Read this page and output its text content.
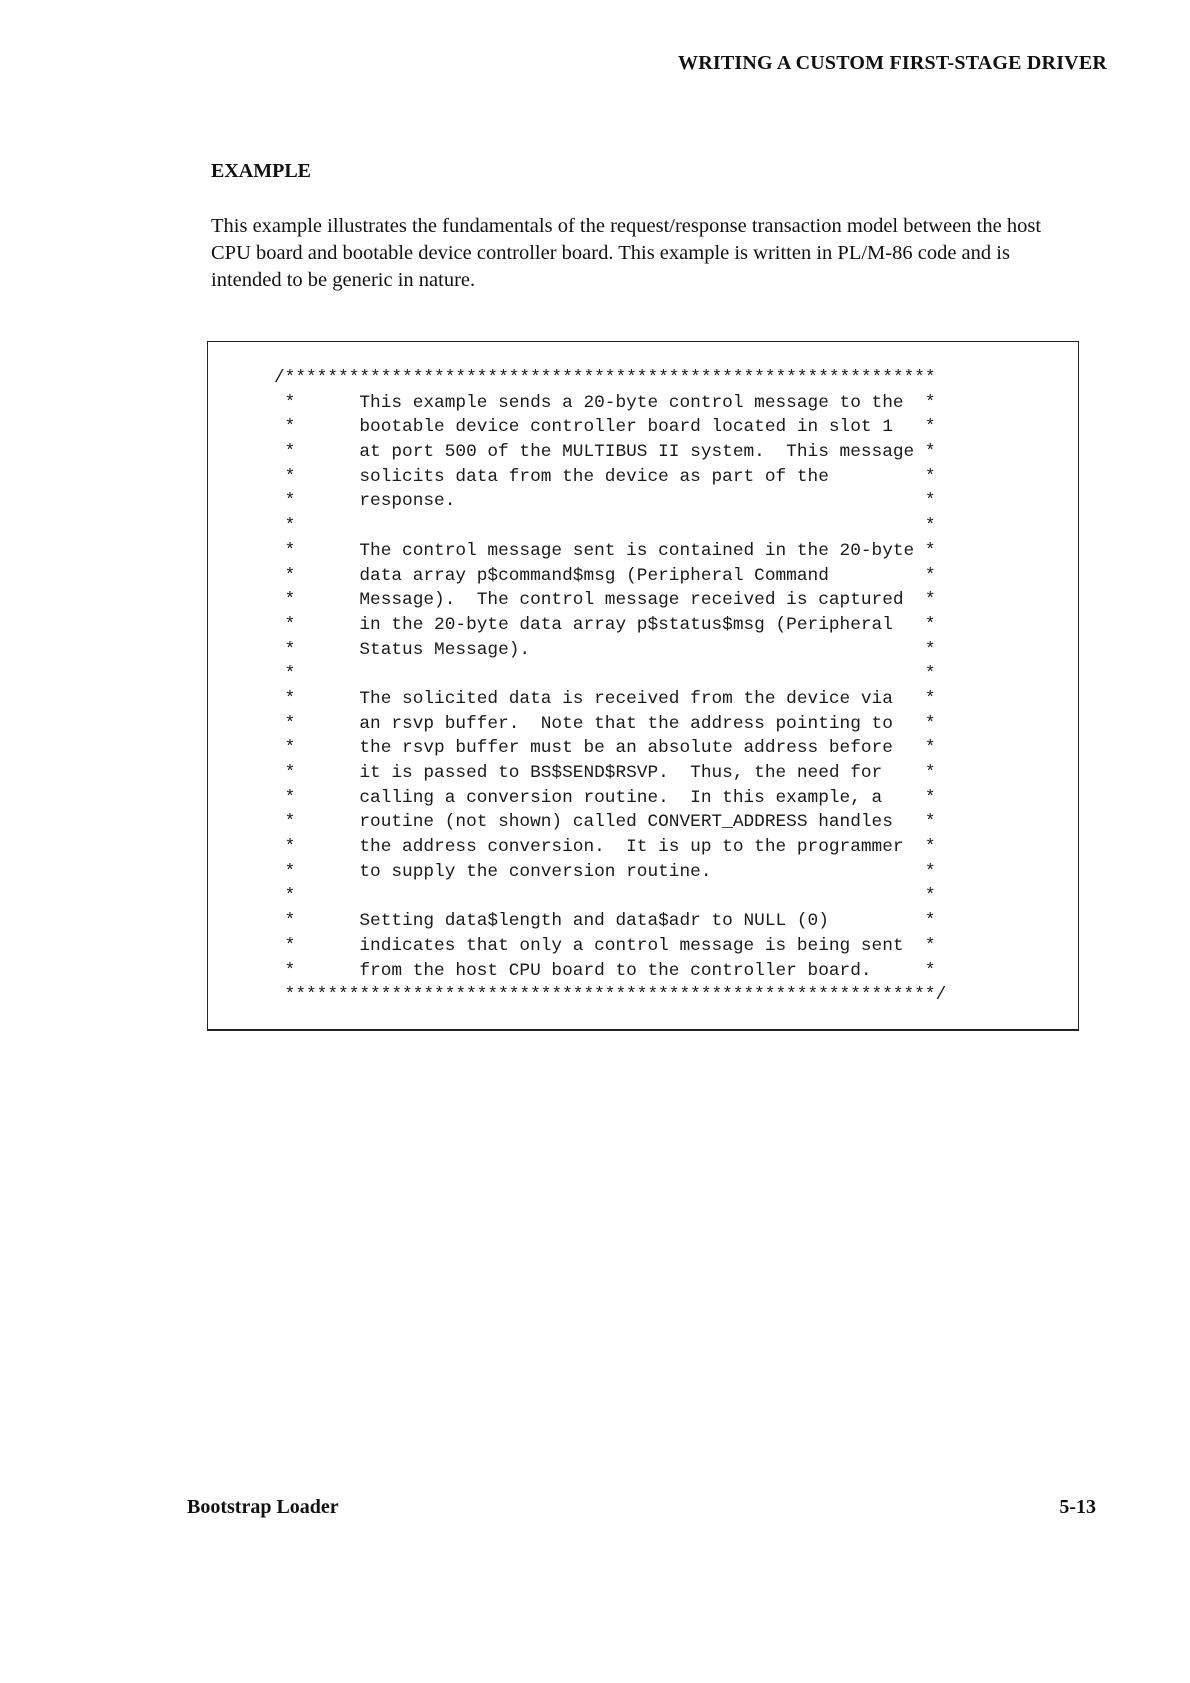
WRITING A CUSTOM FIRST-STAGE DRIVER
EXAMPLE

This example illustrates the fundamentals of the request/response transaction model between the host CPU board and bootable device controller board. This example is written in PL/M-86 code and is intended to be generic in nature.

/*************************************************************
*      This example sends a 20-byte control message to the  *
*      bootable device controller board located in slot 1   *
*      at port 500 of the MULTIBUS II system.  This message *
*      solicits data from the device as part of the         *
*      response.                                            *
*                                                           *
*      The control message sent is contained in the 20-byte *
*      data array p$command$msg (Peripheral Command         *
*      Message).  The control message received is captured  *
*      in the 20-byte data array p$status$msg (Peripheral   *
*      Status Message).                                     *
*                                                           *
*      The solicited data is received from the device via   *
*      an rsvp buffer.  Note that the address pointing to   *
*      the rsvp buffer must be an absolute address before   *
*      it is passed to BS$SEND$RSVP.  Thus, the need for    *
*      calling a conversion routine.  In this example, a    *
*      routine (not shown) called CONVERT_ADDRESS handles   *
*      the address conversion.  It is up to the programmer  *
*      to supply the conversion routine.                    *
*                                                           *
*      Setting data$length and data$adr to NULL (0)         *
*      indicates that only a control message is being sent  *
*      from the host CPU board to the controller board.     *
*************************************************************/
Bootstrap Loader	5-13
